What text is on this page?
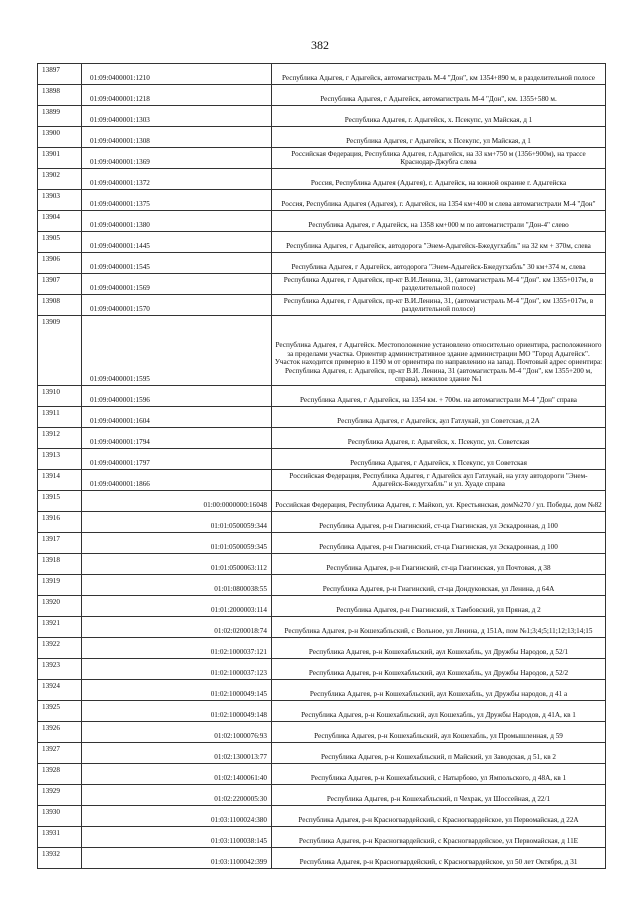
382
13897	01:09:0400001:1210	Республика Адыгея, г Адыгейск, автомагистраль М-4 "Дон", км 1354+890 м, в разделительной полосе
13898	01:09:0400001:1218	Республика Адыгея, г Адыгейск, автомагистраль М-4 "Дон", км. 1355+580 м.
13899	01:09:0400001:1303	Республика Адыгея, г. Адыгейск, х. Псекупс, ул Майская, д 1
13900	01:09:0400001:1308	Республика Адыгея, г Адыгейск, х Псекупс, ул Майская, д 1
13901	01:09:0400001:1369	Российская Федерация, Республика Адыгея, г.Адыгейск, на 33 км+750 м (1356+900м), на трассе Краснодар-Джубга слева
13902	01:09:0400001:1372	Россия, Республика Адыгея (Адыгея), г. Адыгейск, на южной окраине г. Адыгейска
13903	01:09:0400001:1375	Россия, Республика Адыгея (Адыгея), г. Адыгейск, на 1354 км+400 м слева автомагистрали М-4 "Дон"
13904	01:09:0400001:1380	Республика Адыгея, г Адыгейск, на 1358 км+000 м по автомагистрали "Дон-4" слево
13905	01:09:0400001:1445	Республика Адыгея, г Адыгейск, автодорога "Энем-Адыгейск-Бжедугхабль" на 32 км + 370м, слева
13906	01:09:0400001:1545	Республика Адыгея, г Адыгейск, автодорога "Энем-Адыгейск-Бжедугхабль" 30 км+374 м, слева
13907	01:09:0400001:1569	Республика Адыгея, г Адыгейск, пр-кт В.И.Ленина, 31, (автомагистраль М-4 "Дон". км 1355+017м, в разделительной полосе)
13908	01:09:0400001:1570	Республика Адыгея, г Адыгейск, пр-кт В.И.Ленина, 31, (автомагистраль М-4 "Дон", км 1355+017м, в разделительной полосе)
13909	01:09:0400001:1595	Республика Адыгея, г Адыгейск. Местоположение установлено относительно ориентира, расположенного за пределами участка. Ориентир административное здание администрации МО "Город Адыгейск". Участок находится примерно в 1190 м от ориентира по направлению на запад. Почтовый адрес ориентира: Республика Адыгея, г. Адыгейск, пр-кт В.И. Ленина, 31 (автомагистраль М-4 "Дон", км 1355+200 м, справа), нежилое здание №1
13910	01:09:0400001:1596	Республика Адыгея, г Адыгейск, на 1354 км. + 700м. на автомагистрали М-4 "Дон" справа
13911	01:09:0400001:1604	Республика Адыгея, г Адыгейск, аул Гатлукай, ул Советская, д 2А
13912	01:09:0400001:1794	Республика Адыгея, г. Адыгейск, х. Псекупс, ул. Советская
13913	01:09:0400001:1797	Республика Адыгея, г Адыгейск, х Псекупс, ул Советская
13914	01:09:0400001:1866	Российская Федерация, Республика Адыгея, г Адыгейск аул Гатлукай, на углу автодороги "Энем-Адыгейск-Бжедугхабль" и ул. Хуаде справа
13915	01:00:0000000:16048	Российская Федерация, Республика Адыгея, г. Майкоп, ул. Крестьянская, дом№270 / ул. Победы, дом №82
13916	01:01:0500059:344	Республика Адыгея, р-н Гиагинский, ст-ца Гиагинская, ул Эскадронная, д 100
13917	01:01:0500059:345	Республика Адыгея, р-н Гиагинский, ст-ца Гиагинская, ул Эскадронная, д 100
13918	01:01:0500063:112	Республика Адыгея, р-н Гиагинский, ст-ца Гиагинская, ул Почтовая, д 38
13919	01:01:0800038:55	Республика Адыгея, р-н Гиагинский, ст-ца Дондуковская, ул Ленина, д 64А
13920	01:01:2000003:114	Республика Адыгея, р-н Гиагинский, х Тамбовский, ул Пряная, д 2
13921	01:02:0200018:74	Республика Адыгея, р-н Кошехабльский, с Вольное, ул Ленина, д 151А, пом №1;3;4;5;11;12;13;14;15
13922	01:02:1000037:121	Республика Адыгея, р-н Кошехабльский, аул Кошехабль, ул Дружбы Народов, д 52/1
13923	01:02:1000037:123	Республика Адыгея, р-н Кошехабльский, аул Кошехабль, ул Дружбы Народов, д 52/2
13924	01:02:1000049:145	Республика Адыгея, р-н Кошехабльский, аул Кошехабль, ул Дружбы народов, д 41 а
13925	01:02:1000049:148	Республика Адыгея, р-н Кошехабльский, аул Кошехабль, ул Дружбы Народов, д 41А, кв 1
13926	01:02:1000076:93	Республика Адыгея, р-н Кошехабльский, аул Кошехабль, ул Промышленная, д 59
13927	01:02:1300013:77	Республика Адыгея, р-н Кошехабльский, п Майский, ул Заводская, д 51, кв 2
13928	01:02:1400061:40	Республика Адыгея, р-н Кошехабльский, с Натырбово, ул Ямпольского, д 48А, кв 1
13929	01:02:2200005:30	Республика Адыгея, р-н Кошехабльский, п Чехрак, ул Шоссейная, д 22/1
13930	01:03:1100024:380	Республика Адыгея, р-н Красногвардейский, с Красногвардейское, ул Первомайская, д 22А
13931	01:03:1100038:145	Республика Адыгея, р-н Красногвардейский, с Красногвардейское, ул Первомайская, д 11Е
13932	01:03:1100042:399	Республика Адыгея, р-н Красногвардейский, с Красногвардейское, ул 50 лет Октября, д 31
